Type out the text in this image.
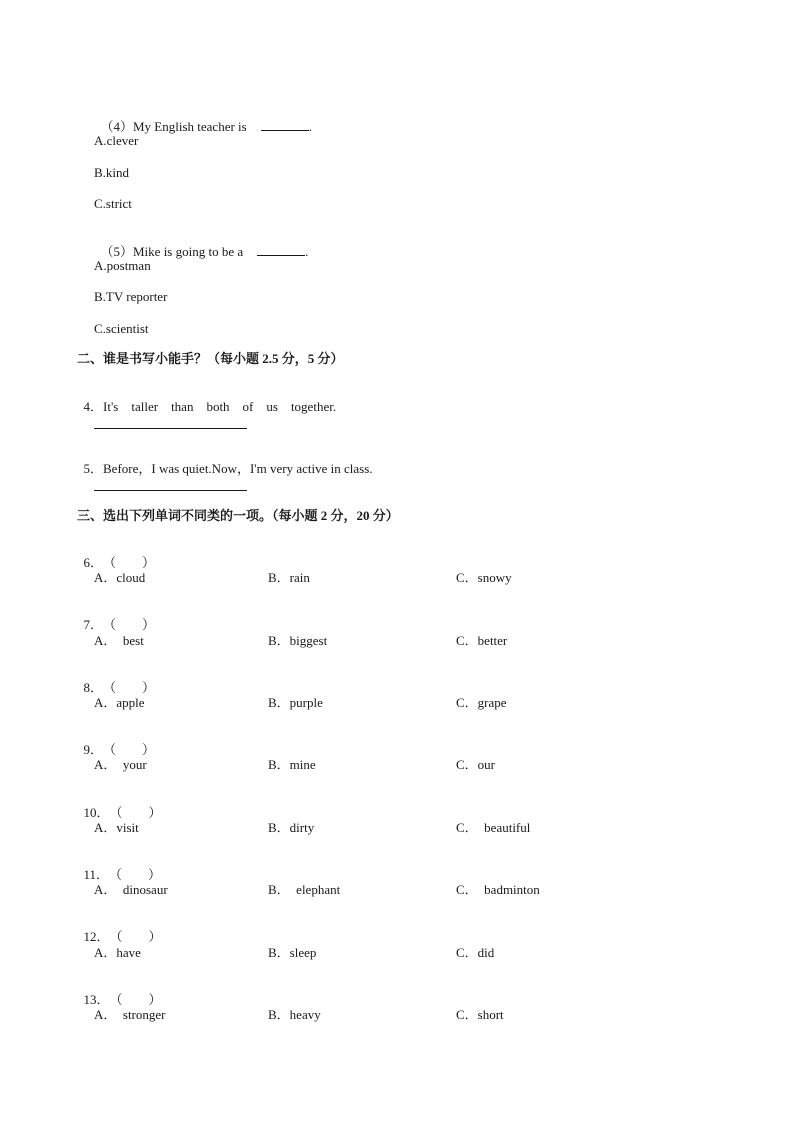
（4）My English teacher is	.

A.clever
B.kind
C.strict

（5）Mike is going to be a	.

A.postman
B.TV reporter
C.scientist
二、谁是书写小能手？（每小题 2.5 分，5 分）

4．It's    taller    than    both    of    us    together.

5．Before，I was quiet.Now，I'm very active in class.

三、选出下列单词不同类的一项。（每小题 2 分，20 分）

6．（        ）

A．cloud	B．rain	C．snowy

7．（        ）

A．  best	B．biggest	C．better

8．（        ）

A．apple	B．purple	C．grape

9．（        ）

A．  your	B．mine	C．our

10．（        ）

A．visit	B．dirty	C．  beautiful

11．（        ）

A．  dinosaur	B．  elephant	C．  badminton

12．（        ）

A．have	B．sleep	C．did

13．（        ）

A．  stronger	B．heavy	C．short
